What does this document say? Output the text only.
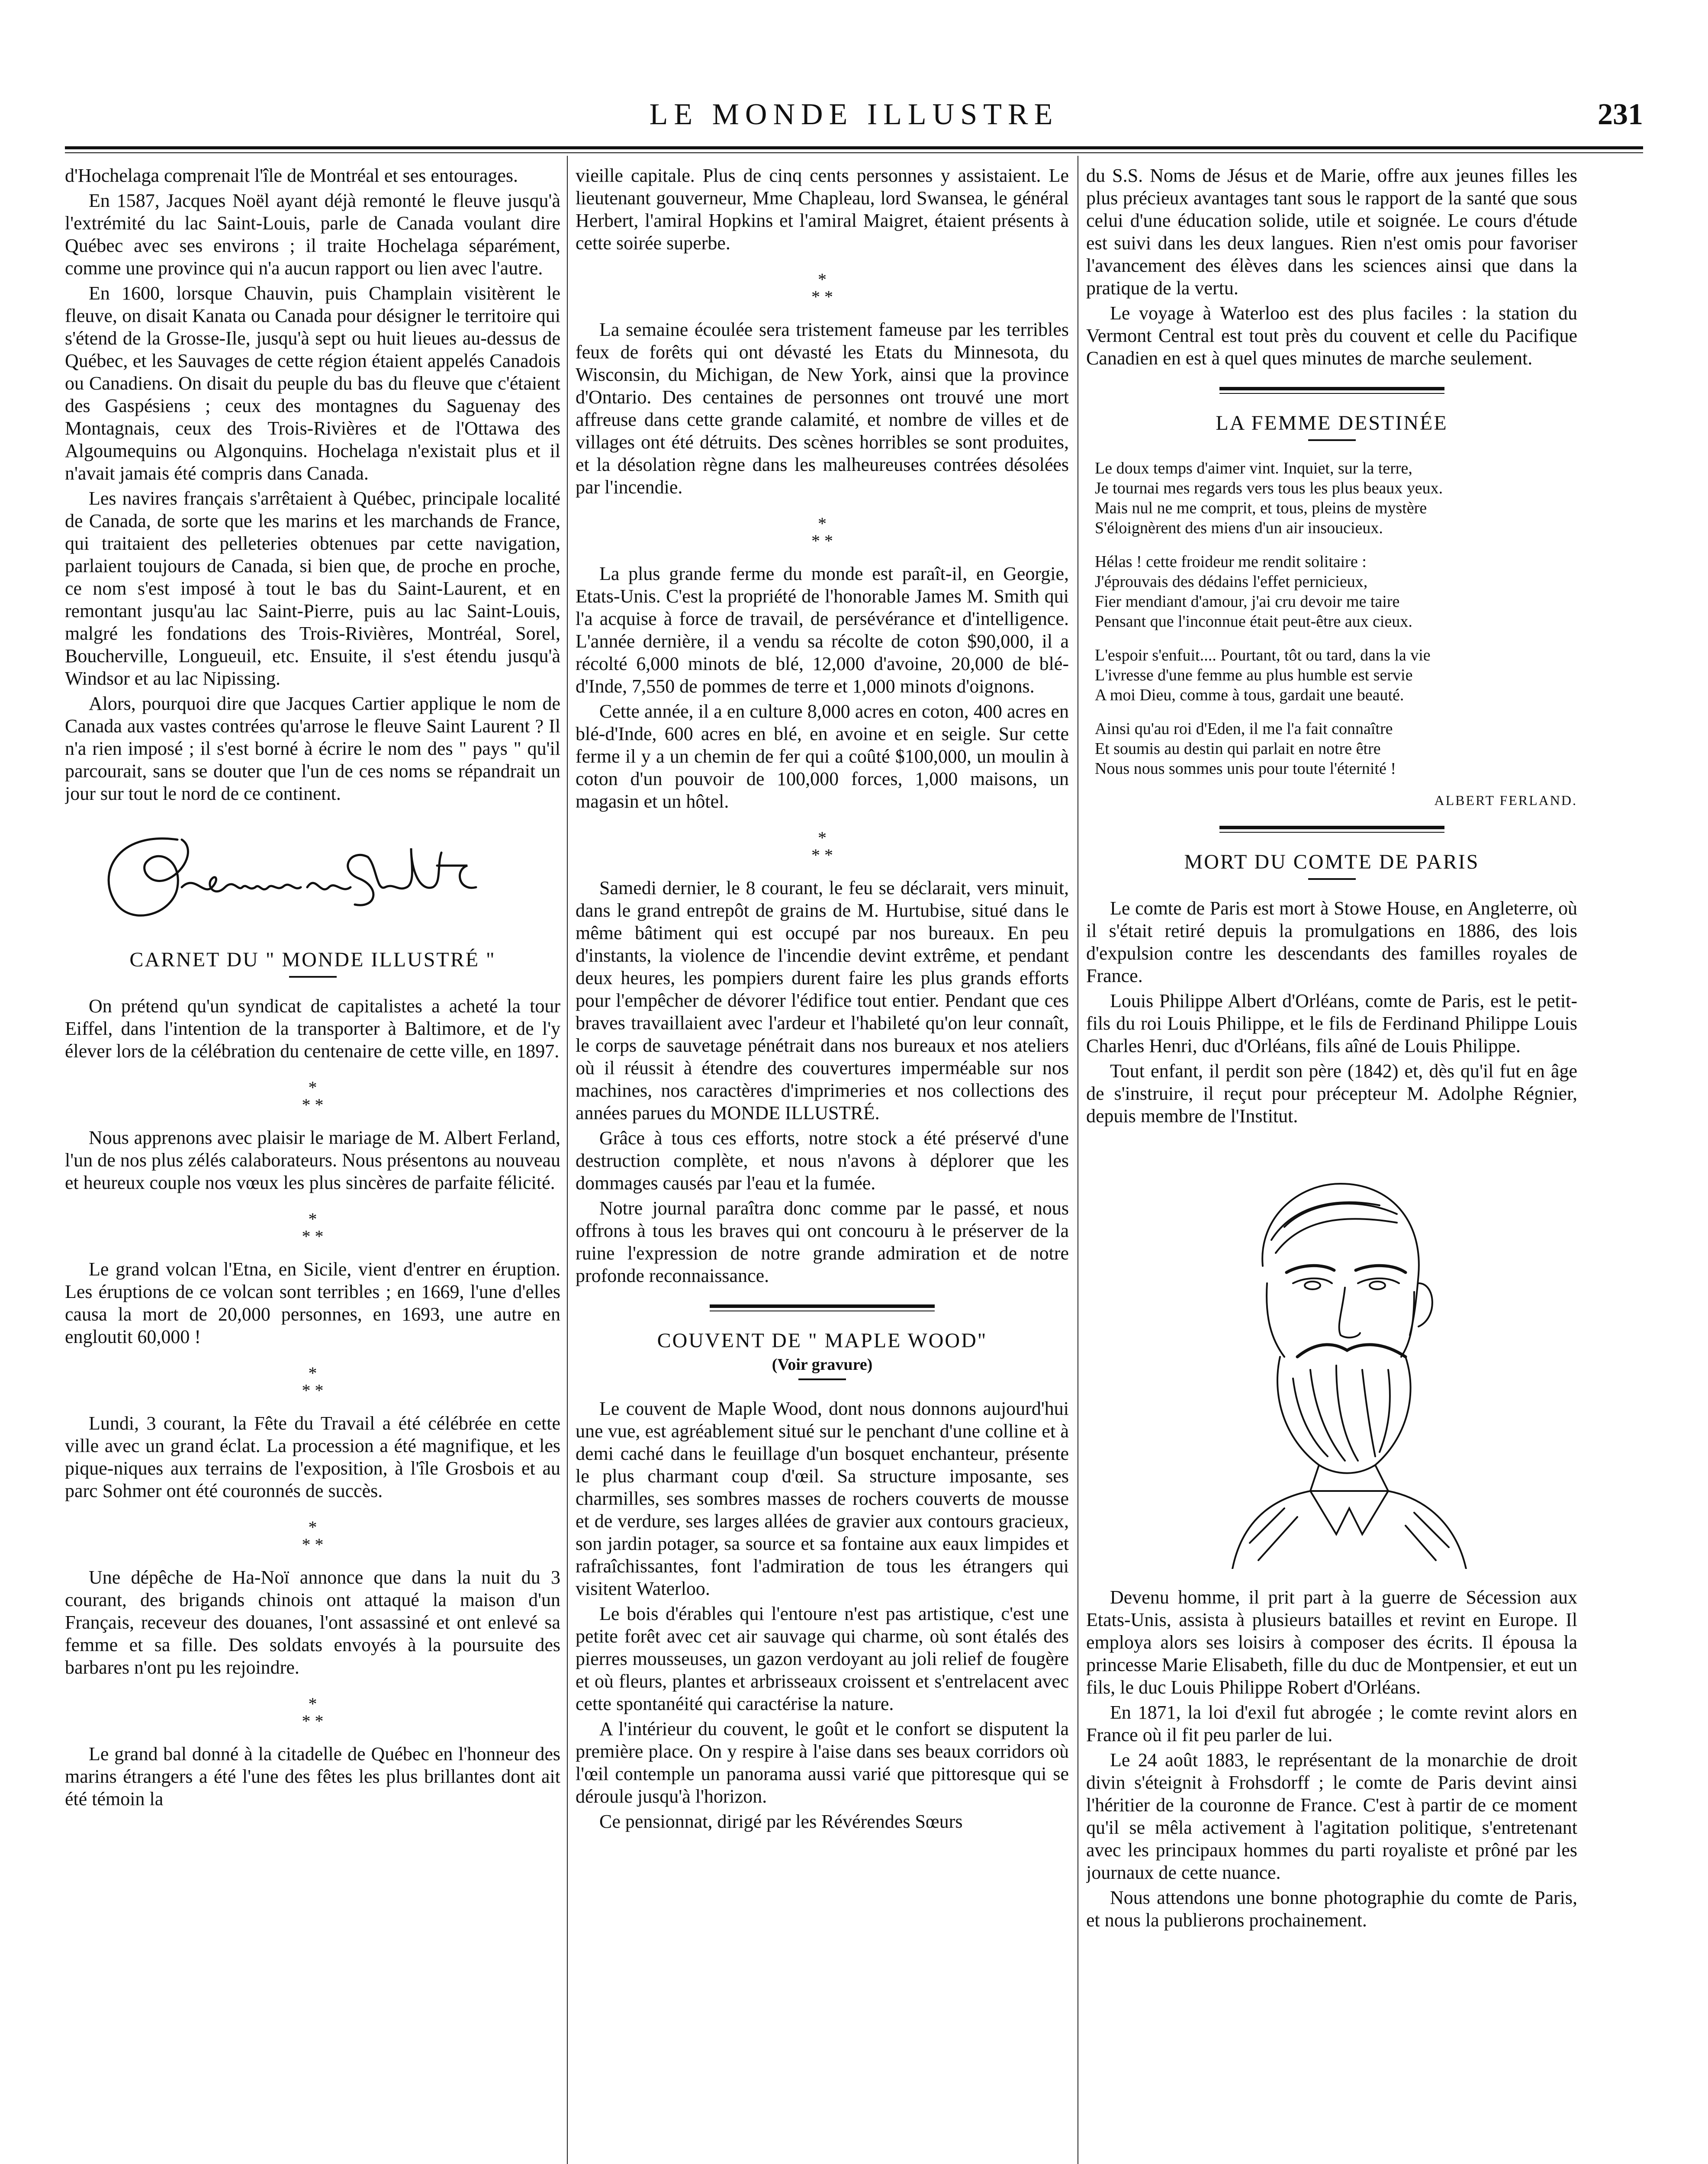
LE MONDE ILLUSTRE	231

d'Hochelaga comprenait l'île de Montréal et ses entourages.

En 1587, Jacques Noël ayant déjà remonté le fleuve jusqu'à l'extrémité du lac Saint-Louis, parle de Canada voulant dire Québec avec ses environs ; il traite Hochelaga séparément, comme une province qui n'a aucun rapport ou lien avec l'autre.

En 1600, lorsque Chauvin, puis Champlain visitèrent le fleuve, on disait Kanata ou Canada pour désigner le territoire qui s'étend de la Grosse-Ile, jusqu'à sept ou huit lieues au-dessus de Québec, et les Sauvages de cette région étaient appelés Canadois ou Canadiens. On disait du peuple du bas du fleuve que c'étaient des Gaspésiens ; ceux des montagnes du Saguenay des Montagnais, ceux des Trois-Rivières et de l'Ottawa des Algoumequins ou Algonquins. Hochelaga n'existait plus et il n'avait jamais été compris dans Canada.

Les navires français s'arrêtaient à Québec, principale localité de Canada, de sorte que les marins et les marchands de France, qui traitaient des pelleteries obtenues par cette navigation, parlaient toujours de Canada, si bien que, de proche en proche, ce nom s'est imposé à tout le bas du Saint-Laurent, et en remontant jusqu'au lac Saint-Pierre, puis au lac Saint-Louis, malgré les fondations des Trois-Rivières, Montréal, Sorel, Boucherville, Longueuil, etc. Ensuite, il s'est étendu jusqu'à Windsor et au lac Nipissing.

Alors, pourquoi dire que Jacques Cartier applique le nom de Canada aux vastes contrées qu'arrose le fleuve Saint Laurent ? Il n'a rien imposé ; il s'est borné à écrire le nom des " pays " qu'il parcourait, sans se douter que l'un de ces noms se répandrait un jour sur tout le nord de ce continent.

CARNET DU " MONDE ILLUSTRÉ "

On prétend qu'un syndicat de capitalistes a acheté la tour Eiffel, dans l'intention de la transporter à Baltimore, et de l'y élever lors de la célébration du centenaire de cette ville, en 1897.

*
* *

Nous apprenons avec plaisir le mariage de M. Albert Ferland, l'un de nos plus zélés calaborateurs. Nous présentons au nouveau et heureux couple nos vœux les plus sincères de parfaite félicité.

*
* *

Le grand volcan l'Etna, en Sicile, vient d'entrer en éruption. Les éruptions de ce volcan sont terribles ; en 1669, l'une d'elles causa la mort de 20,000 personnes, en 1693, une autre en engloutit 60,000 !

*
* *

Lundi, 3 courant, la Fête du Travail a été célébrée en cette ville avec un grand éclat. La procession a été magnifique, et les pique-niques aux terrains de l'exposition, à l'île Grosbois et au parc Sohmer ont été couronnés de succès.

*
* *

Une dépêche de Ha-Noï annonce que dans la nuit du 3 courant, des brigands chinois ont attaqué la maison d'un Français, receveur des douanes, l'ont assassiné et ont enlevé sa femme et sa fille. Des soldats envoyés à la poursuite des barbares n'ont pu les rejoindre.

*
* *

Le grand bal donné à la citadelle de Québec en l'honneur des marins étrangers a été l'une des fêtes les plus brillantes dont ait été témoin la

vieille capitale. Plus de cinq cents personnes y assistaient. Le lieutenant gouverneur, Mme Chapleau, lord Swansea, le général Herbert, l'amiral Hopkins et l'amiral Maigret, étaient présents à cette soirée superbe.

*
* *

La semaine écoulée sera tristement fameuse par les terribles feux de forêts qui ont dévasté les Etats du Minnesota, du Wisconsin, du Michigan, de New York, ainsi que la province d'Ontario. Des centaines de personnes ont trouvé une mort affreuse dans cette grande calamité, et nombre de villes et de villages ont été détruits. Des scènes horribles se sont produites, et la désolation règne dans les malheureuses contrées désolées par l'incendie.

*
* *

La plus grande ferme du monde est paraît-il, en Georgie, Etats-Unis. C'est la propriété de l'honorable James M. Smith qui l'a acquise à force de travail, de persévérance et d'intelligence. L'année dernière, il a vendu sa récolte de coton $90,000, il a récolté 6,000 minots de blé, 12,000 d'avoine, 20,000 de blé-d'Inde, 7,550 de pommes de terre et 1,000 minots d'oignons.

Cette année, il a en culture 8,000 acres en coton, 400 acres en blé-d'Inde, 600 acres en blé, en avoine et en seigle. Sur cette ferme il y a un chemin de fer qui a coûté $100,000, un moulin à coton d'un pouvoir de 100,000 forces, 1,000 maisons, un magasin et un hôtel.

*
* *

Samedi dernier, le 8 courant, le feu se déclarait, vers minuit, dans le grand entrepôt de grains de M. Hurtubise, situé dans le même bâtiment qui est occupé par nos bureaux. En peu d'instants, la violence de l'incendie devint extrême, et pendant deux heures, les pompiers durent faire les plus grands efforts pour l'empêcher de dévorer l'édifice tout entier. Pendant que ces braves travaillaient avec l'ardeur et l'habileté qu'on leur connaît, le corps de sauvetage pénétrait dans nos bureaux et nos ateliers où il réussit à étendre des couvertures imperméable sur nos machines, nos caractères d'imprimeries et nos collections des années parues du MONDE ILLUSTRÉ.

Grâce à tous ces efforts, notre stock a été préservé d'une destruction complète, et nous n'avons à déplorer que les dommages causés par l'eau et la fumée.

Notre journal paraîtra donc comme par le passé, et nous offrons à tous les braves qui ont concouru à le préserver de la ruine l'expression de notre grande admiration et de notre profonde reconnaissance.

COUVENT DE " MAPLE WOOD"
(Voir gravure)

Le couvent de Maple Wood, dont nous donnons aujourd'hui une vue, est agréablement situé sur le penchant d'une colline et à demi caché dans le feuillage d'un bosquet enchanteur, présente le plus charmant coup d'œil. Sa structure imposante, ses charmilles, ses sombres masses de rochers couverts de mousse et de verdure, ses larges allées de gravier aux contours gracieux, son jardin potager, sa source et sa fontaine aux eaux limpides et rafraîchissantes, font l'admiration de tous les étrangers qui visitent Waterloo.

Le bois d'érables qui l'entoure n'est pas artistique, c'est une petite forêt avec cet air sauvage qui charme, où sont étalés des pierres mousseuses, un gazon verdoyant au joli relief de fougère et où fleurs, plantes et arbrisseaux croissent et s'entrelacent avec cette spontanéité qui caractérise la nature.

A l'intérieur du couvent, le goût et le confort se disputent la première place. On y respire à l'aise dans ses beaux corridors où l'œil contemple un panorama aussi varié que pittoresque qui se déroule jusqu'à l'horizon.

Ce pensionnat, dirigé par les Révérendes Sœurs

du S.S. Noms de Jésus et de Marie, offre aux jeunes filles les plus précieux avantages tant sous le rapport de la santé que sous celui d'une éducation solide, utile et soignée. Le cours d'étude est suivi dans les deux langues. Rien n'est omis pour favoriser l'avancement des élèves dans les sciences ainsi que dans la pratique de la vertu.

Le voyage à Waterloo est des plus faciles : la station du Vermont Central est tout près du couvent et celle du Pacifique Canadien en est à quel ques minutes de marche seulement.

LA FEMME DESTINÉE
Le doux temps d'aimer vint. Inquiet, sur la terre,
Je tournai mes regards vers tous les plus beaux yeux.
Mais nul ne me comprit, et tous, pleins de mystère
S'éloignèrent des miens d'un air insoucieux.
Hélas ! cette froideur me rendit solitaire :
J'éprouvais des dédains l'effet pernicieux,
Fier mendiant d'amour, j'ai cru devoir me taire
Pensant que l'inconnue était peut-être aux cieux.
L'espoir s'enfuit.... Pourtant, tôt ou tard, dans la vie
L'ivresse d'une femme au plus humble est servie
A moi Dieu, comme à tous, gardait une beauté.
Ainsi qu'au roi d'Eden, il me l'a fait connaître
Et soumis au destin qui parlait en notre être
Nous nous sommes unis pour toute l'éternité !
ALBERT FERLAND.
MORT DU COMTE DE PARIS

Le comte de Paris est mort à Stowe House, en Angleterre, où il s'était retiré depuis la promulgations en 1886, des lois d'expulsion contre les descendants des familles royales de France.

Louis Philippe Albert d'Orléans, comte de Paris, est le petit-fils du roi Louis Philippe, et le fils de Ferdinand Philippe Louis Charles Henri, duc d'Orléans, fils aîné de Louis Philippe.

Tout enfant, il perdit son père (1842) et, dès qu'il fut en âge de s'instruire, il reçut pour précepteur M. Adolphe Régnier, depuis membre de l'Institut.

Devenu homme, il prit part à la guerre de Sécession aux Etats-Unis, assista à plusieurs batailles et revint en Europe. Il employa alors ses loisirs à composer des écrits. Il épousa la princesse Marie Elisabeth, fille du duc de Montpensier, et eut un fils, le duc Louis Philippe Robert d'Orléans.

En 1871, la loi d'exil fut abrogée ; le comte revint alors en France où il fit peu parler de lui.

Le 24 août 1883, le représentant de la monarchie de droit divin s'éteignit à Frohsdorff ; le comte de Paris devint ainsi l'héritier de la couronne de France. C'est à partir de ce moment qu'il se mêla activement à l'agitation politique, s'entretenant avec les principaux hommes du parti royaliste et prôné par les journaux de cette nuance.

Nous attendons une bonne photographie du comte de Paris, et nous la publierons prochainement.
